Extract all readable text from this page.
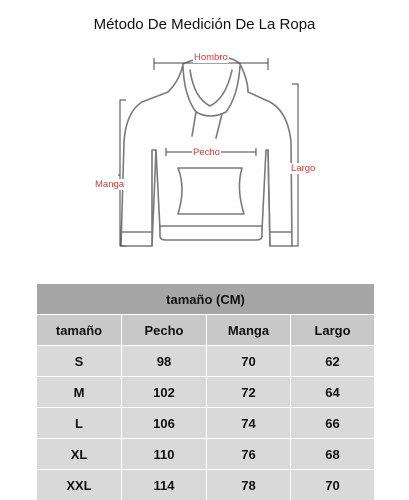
Método De Medición De La Ropa
Hombro
Pecho
Manga
Largo
tamaño (CM)			
tamaño	Pecho	Manga	Largo
S	98	70	62
M	102	72	64
L	106	74	66
XL	110	76	68
XXL	114	78	70
